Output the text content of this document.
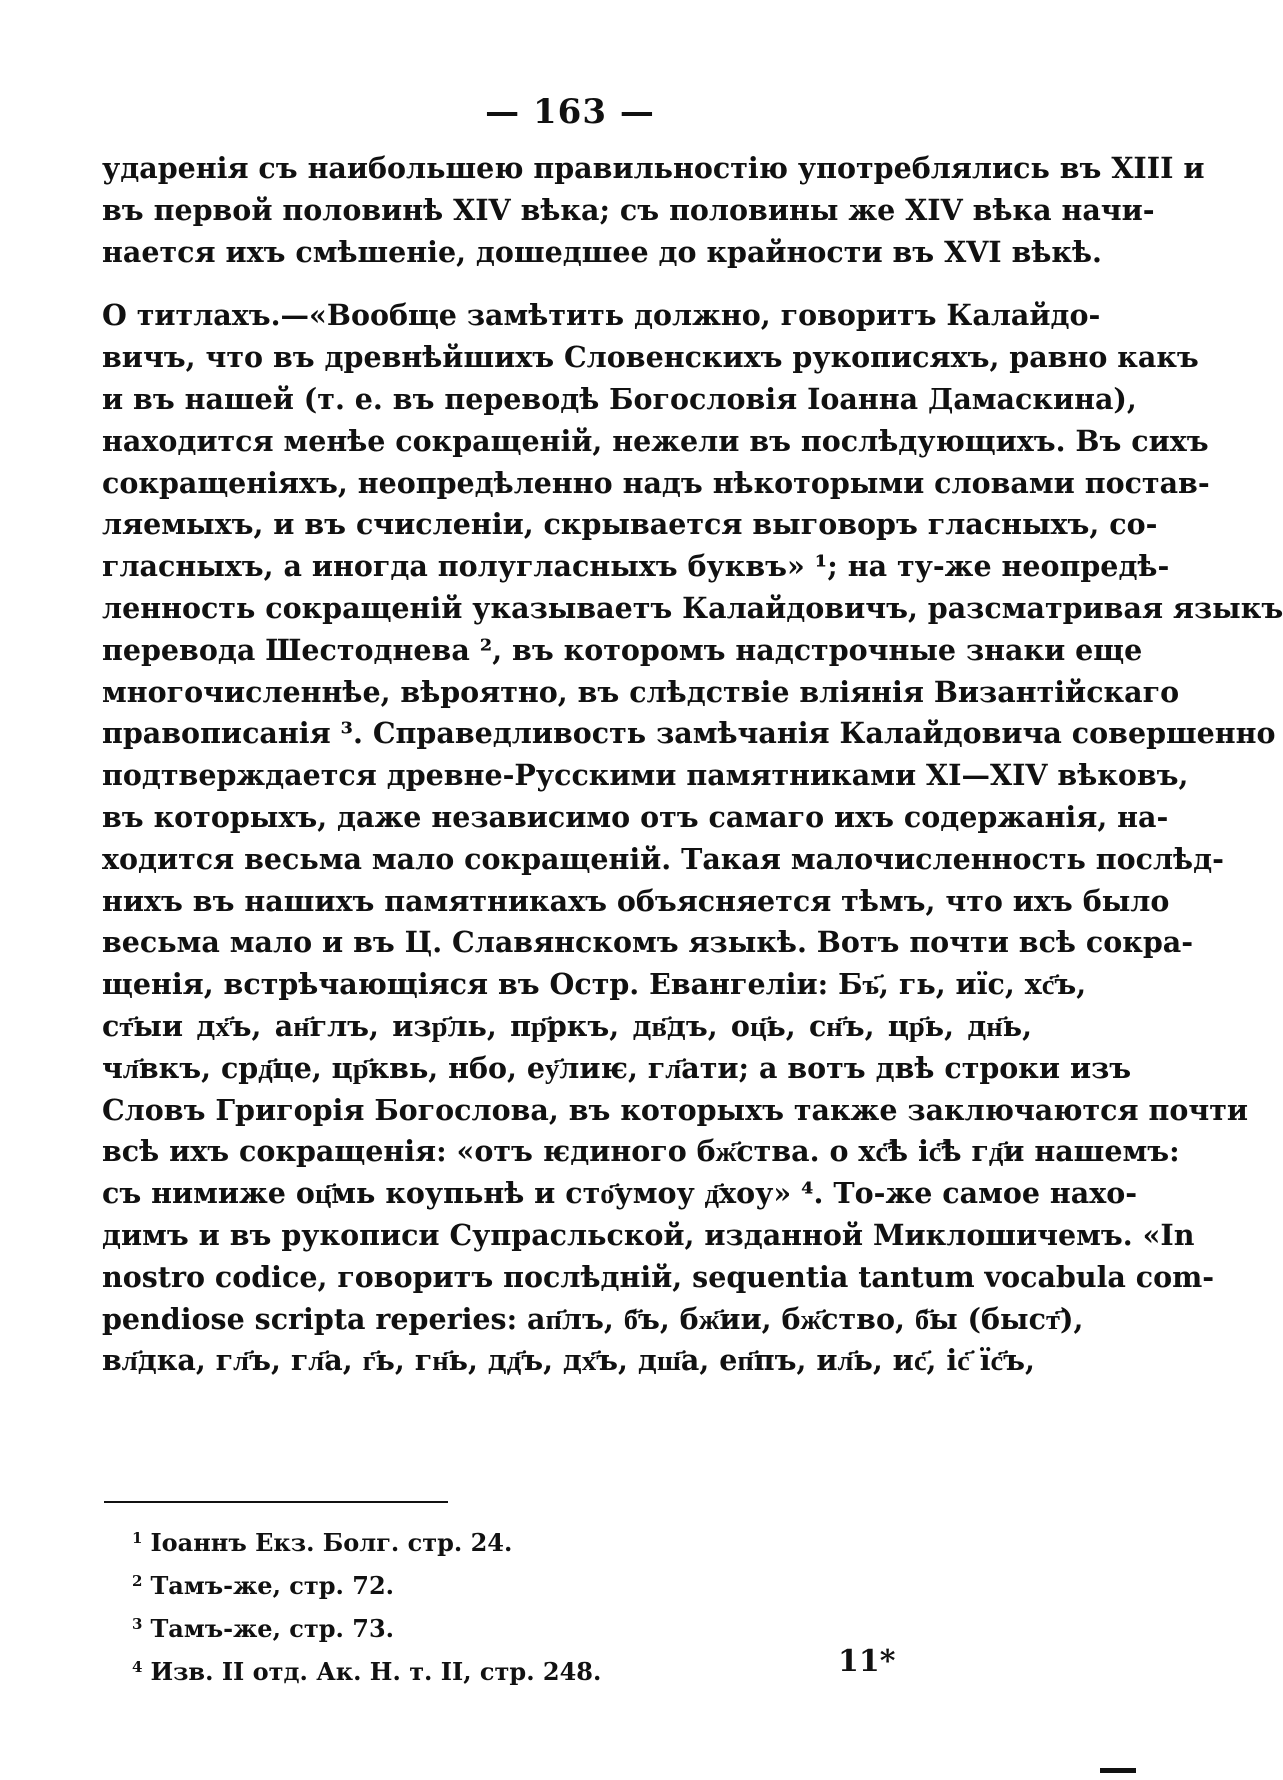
— 163 —
ударенія съ наибольшею правильностію употреблялись въ XIII и
въ первой половинѣ XIV вѣка; съ половины же XIV вѣка начи-
нается ихъ смѣшеніе, дошедшее до крайности въ XVI вѣкѣ.
О титлахъ.—«Вообще замѣтить должно, говоритъ Калайдо-
вичъ, что въ древнѣйшихъ Словенскихъ рукописяхъ, равно какъ
и въ нашей (т. е. въ переводѣ Богословія Іоанна Дамаскина),
находится менѣе сокращеній, нежели въ послѣдующихъ. Въ сихъ
сокращеніяхъ, неопредѣленно надъ нѣкоторыми словами постав-
ляемыхъ, и въ счисленіи, скрывается выговоръ гласныхъ, со-
гласныхъ, а иногда полугласныхъ буквъ» ¹; на ту-же неопредѣ-
ленность сокращеній указываетъ Калайдовичъ, разсматривая языкъ
перевода Шестоднева ², въ которомъ надстрочные знаки еще
многочисленнѣе, вѣроятно, въ слѣдствіе вліянія Византійскаго
правописанія ³. Справедливость замѣчанія Калайдовича совершенно
подтверждается древне-Русскими памятниками XI—XIV вѣковъ,
въ которыхъ, даже независимо отъ самаго ихъ содержанія, на-
ходится весьма мало сокращеній. Такая малочисленность послѣд-
нихъ въ нашихъ памятникахъ объясняется тѣмъ, что ихъ было
весьма мало и въ Ц. Славянскомъ языкѣ. Вотъ почти всѣ сокра-
щенія, встрѣчающіяся въ Остр. Евангеліи: Бъ҃, гь, иїс, хс҃ъ,
ст҃ыи дх҃ъ, ан҃глъ, изр҃ль, пр҃ркъ, дв҃дъ, оц҃ь, сн҃ъ, цр҃ь, дн҃ь,
чл҃вкъ, срд҃це, цр҃квь, нбо, еу҃лиѥ, гл҃ати; а вотъ двѣ строки изъ
Словъ Григорія Богослова, въ которыхъ также заключаются почти
всѣ ихъ сокращенія: «отъ ѥдиного бж҃ства. о хс҃ѣ іс҃ѣ гд҃и нашемъ:
съ нимиже оц҃мь коупьнѣ и сто҃умоу д҃хоу» ⁴. То-же самое нахо-
димъ и въ рукописи Супрасльской, изданной Миклошичемъ. «In
nostro codice, говоритъ послѣдній, sequentia tantum vocabula com-
pendiose scripta reperies: ап҃лъ, б҃ъ, бж҃ии, бж҃ство, б҃ы (быст҃),
вл҃дка, гл҃ъ, гл҃а, г҃ь, гн҃ь, дд҃ъ, дх҃ъ, дш҃а, еп҃пъ, ил҃ь, ис҃, іс҃ їс҃ъ,
$^1$ Іоаннъ Екз. Болг. стр. 24.
$^2$ Тамъ-же, стр. 72.
$^3$ Тамъ-же, стр. 73.
$^4$ Изв. II отд. Ак. Н. т. II, стр. 248.	11*
